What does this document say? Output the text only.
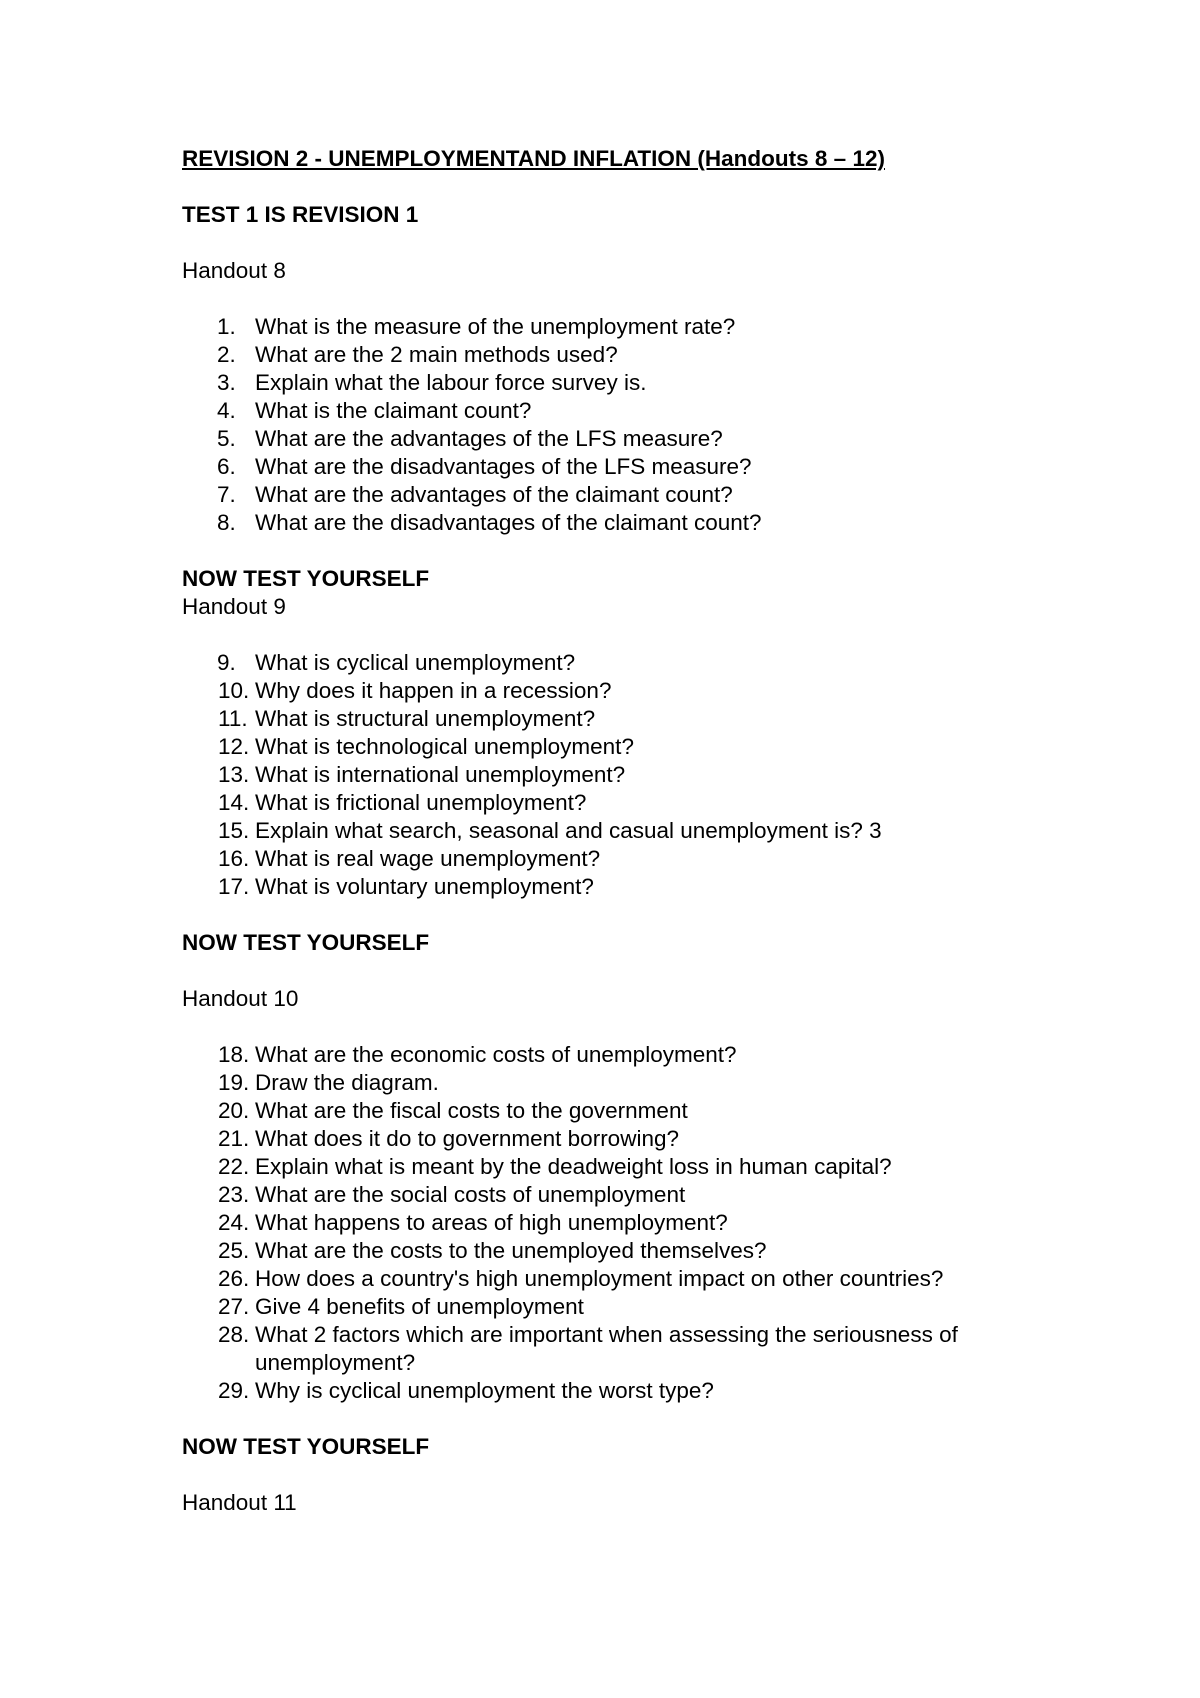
REVISION 2 - UNEMPLOYMENTAND INFLATION (Handouts 8 – 12)

TEST 1 IS REVISION 1

Handout 8

1. What is the measure of the unemployment rate?
2. What are the 2 main methods used?
3. Explain what the labour force survey is.
4. What is the claimant count?
5. What are the advantages of the LFS measure?
6. What are the disadvantages of the LFS measure?
7. What are the advantages of the claimant count?
8. What are the disadvantages of the claimant count?

NOW TEST YOURSELF

Handout 9

9. What is cyclical unemployment?
10. Why does it happen in a recession?
11. What is structural unemployment?
12. What is technological unemployment?
13. What is international unemployment?
14. What is frictional unemployment?
15. Explain what search, seasonal and casual unemployment is? 3
16. What is real wage unemployment?
17. What is voluntary unemployment?

NOW TEST YOURSELF

Handout 10

18. What are the economic costs of unemployment?
19. Draw the diagram.
20. What are the fiscal costs to the government
21. What does it do to government borrowing?
22. Explain what is meant by the deadweight loss in human capital?
23. What are the social costs of unemployment
24. What happens to areas of high unemployment?
25. What are the costs to the unemployed themselves?
26. How does a country's high unemployment impact on other countries?
27. Give 4 benefits of unemployment
28. What 2 factors which are important when assessing the seriousness of unemployment?
29. Why is cyclical unemployment the worst type?

NOW TEST YOURSELF

Handout 11
